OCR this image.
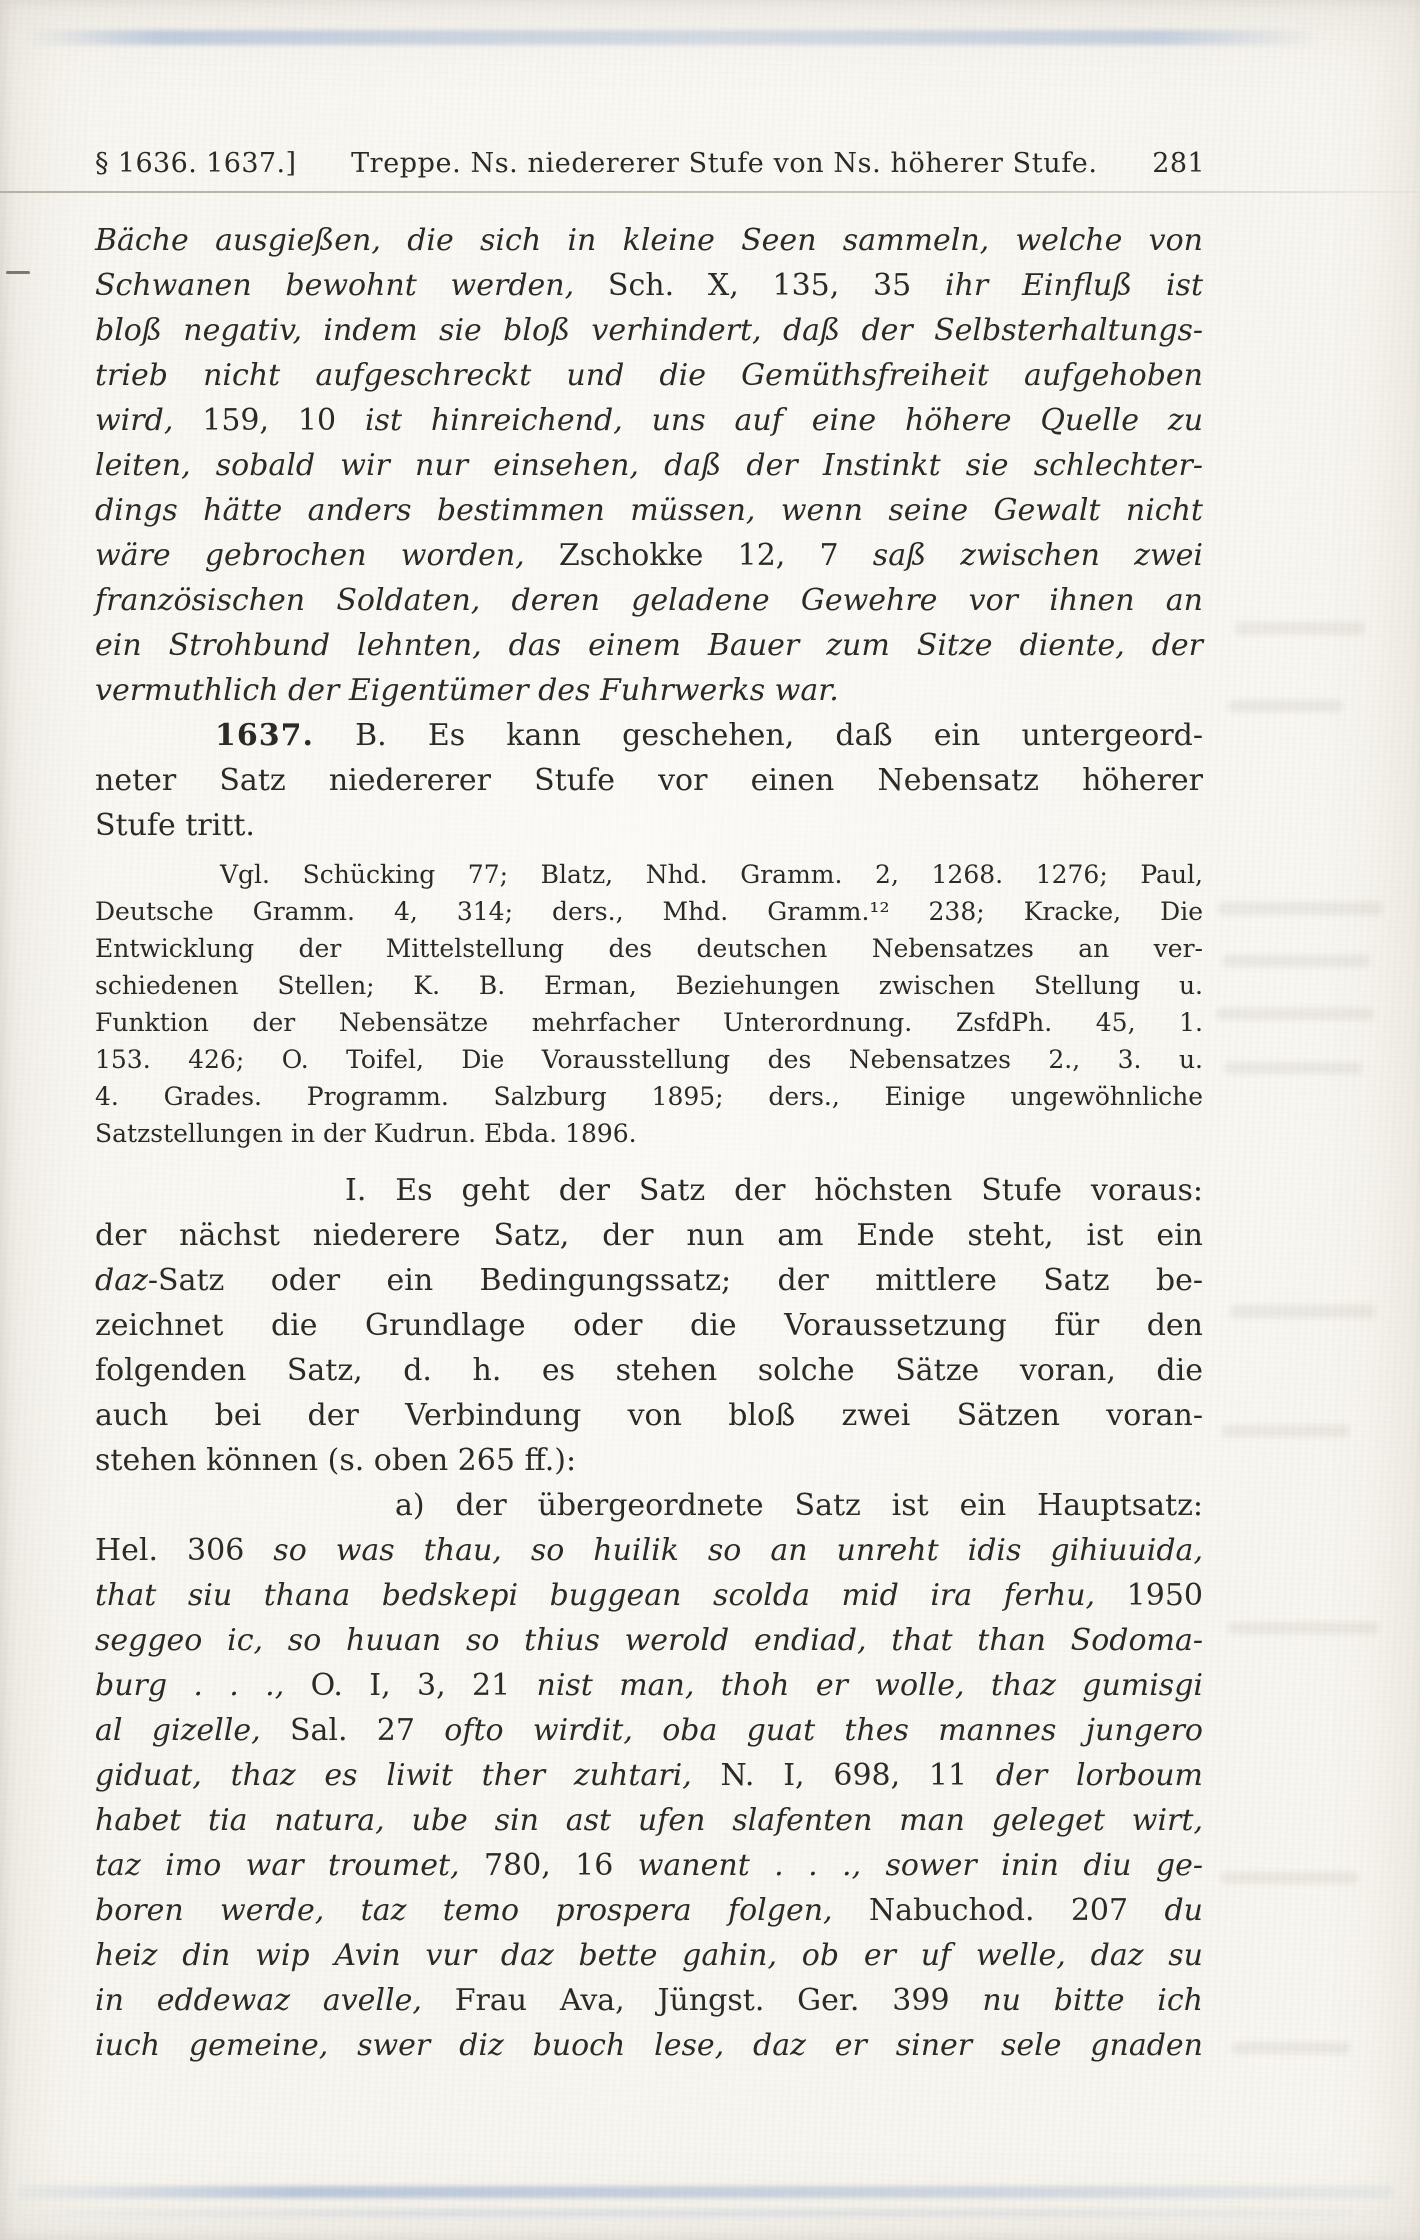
§ 1636. 1637.] Treppe. Ns. niedererer Stufe von Ns. höherer Stufe. 281
Bäche ausgießen, die sich in kleine Seen sammeln, welche von
Schwanen bewohnt werden, Sch. X, 135, 35 ihr Einfluß ist
bloß negativ, indem sie bloß verhindert, daß der Selbsterhaltungs-
trieb nicht aufgeschreckt und die Gemüthsfreiheit aufgehoben
wird, 159, 10 ist hinreichend, uns auf eine höhere Quelle zu
leiten, sobald wir nur einsehen, daß der Instinkt sie schlechter-
dings hätte anders bestimmen müssen, wenn seine Gewalt nicht
wäre gebrochen worden, Zschokke 12, 7 saß zwischen zwei
französischen Soldaten, deren geladene Gewehre vor ihnen an
ein Strohbund lehnten, das einem Bauer zum Sitze diente, der
vermuthlich der Eigentümer des Fuhrwerks war.
1637. B. Es kann geschehen, daß ein untergeord-
neter Satz niedererer Stufe vor einen Nebensatz höherer
Stufe tritt.
Vgl. Schücking 77; Blatz, Nhd. Gramm. 2, 1268. 1276; Paul,
Deutsche Gramm. 4, 314; ders., Mhd. Gramm.¹² 238; Kracke, Die
Entwicklung der Mittelstellung des deutschen Nebensatzes an ver-
schiedenen Stellen; K. B. Erman, Beziehungen zwischen Stellung u.
Funktion der Nebensätze mehrfacher Unterordnung. ZsfdPh. 45, 1.
153. 426; O. Toifel, Die Vorausstellung des Nebensatzes 2., 3. u.
4. Grades. Programm. Salzburg 1895; ders., Einige ungewöhnliche
Satzstellungen in der Kudrun. Ebda. 1896.
I. Es geht der Satz der höchsten Stufe voraus:
der nächst niederere Satz, der nun am Ende steht, ist ein
daz-Satz oder ein Bedingungssatz; der mittlere Satz be-
zeichnet die Grundlage oder die Voraussetzung für den
folgenden Satz, d. h. es stehen solche Sätze voran, die
auch bei der Verbindung von bloß zwei Sätzen voran-
stehen können (s. oben 265 ff.):
a) der übergeordnete Satz ist ein Hauptsatz:
Hel. 306 so was thau, so huilik so an unreht idis gihiuuida,
that siu thana bedskepi buggean scolda mid ira ferhu, 1950
seggeo ic, so huuan so thius werold endiad, that than Sodoma-
burg . . ., O. I, 3, 21 nist man, thoh er wolle, thaz gumisgi
al gizelle, Sal. 27 ofto wirdit, oba guat thes mannes jungero
giduat, thaz es liwit ther zuhtari, N. I, 698, 11 der lorboum
habet tia natura, ube sin ast ufen slafenten man geleget wirt,
taz imo war troumet, 780, 16 wanent . . ., sower inin diu ge-
boren werde, taz temo prospera folgen, Nabuchod. 207 du
heiz din wip Avin vur daz bette gahin, ob er uf welle, daz su
in eddewaz avelle, Frau Ava, Jüngst. Ger. 399 nu bitte ich
iuch gemeine, swer diz buoch lese, daz er siner sele gnaden
